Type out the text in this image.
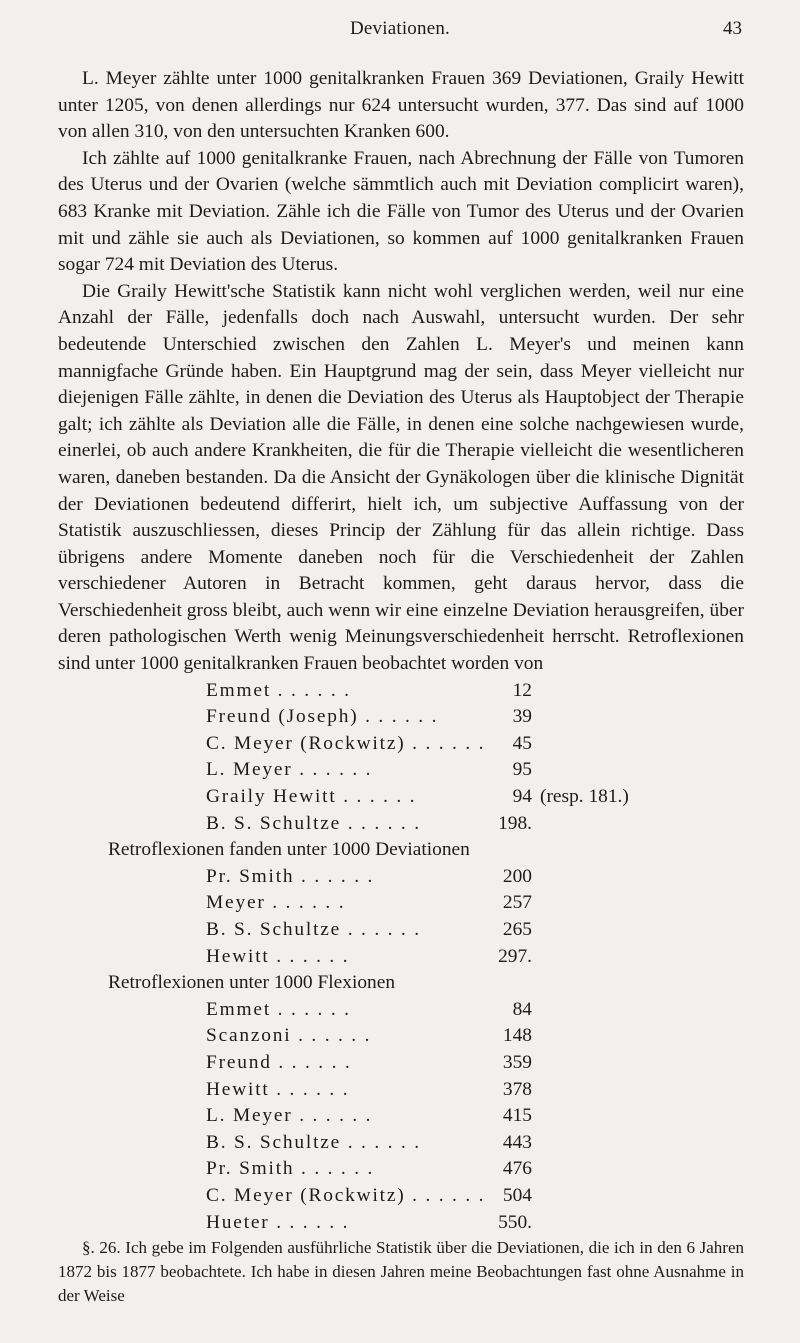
Deviationen.	43

L. Meyer zählte unter 1000 genitalkranken Frauen 369 Deviationen, Graily Hewitt unter 1205, von denen allerdings nur 624 untersucht wurden, 377. Das sind auf 1000 von allen 310, von den untersuchten Kranken 600.

Ich zählte auf 1000 genitalkranke Frauen, nach Abrechnung der Fälle von Tumoren des Uterus und der Ovarien (welche sämmtlich auch mit Deviation complicirt waren), 683 Kranke mit Deviation. Zähle ich die Fälle von Tumor des Uterus und der Ovarien mit und zähle sie auch als Deviationen, so kommen auf 1000 genitalkranken Frauen sogar 724 mit Deviation des Uterus.

Die Graily Hewitt'sche Statistik kann nicht wohl verglichen werden, weil nur eine Anzahl der Fälle, jedenfalls doch nach Auswahl, untersucht wurden. Der sehr bedeutende Unterschied zwischen den Zahlen L. Meyer's und meinen kann mannigfache Gründe haben. Ein Hauptgrund mag der sein, dass Meyer vielleicht nur diejenigen Fälle zählte, in denen die Deviation des Uterus als Hauptobject der Therapie galt; ich zählte als Deviation alle die Fälle, in denen eine solche nachgewiesen wurde, einerlei, ob auch andere Krankheiten, die für die Therapie vielleicht die wesentlicheren waren, daneben bestanden. Da die Ansicht der Gynäkologen über die klinische Dignität der Deviationen bedeutend differirt, hielt ich, um subjective Auffassung von der Statistik auszuschliessen, dieses Princip der Zählung für das allein richtige. Dass übrigens andere Momente daneben noch für die Verschiedenheit der Zahlen verschiedener Autoren in Betracht kommen, geht daraus hervor, dass die Verschiedenheit gross bleibt, auch wenn wir eine einzelne Deviation herausgreifen, über deren pathologischen Werth wenig Meinungsverschiedenheit herrscht. Retroflexionen sind unter 1000 genitalkranken Frauen beobachtet worden von

Emmet . . . . . .	12
Freund (Joseph) . . . . . .	39
C. Meyer (Rockwitz) . . . . . .	45
L. Meyer . . . . . .	95
Graily Hewitt . . . . . .	94 (resp. 181.)
B. S. Schultze . . . . . .	198.
Retroflexionen fanden unter 1000 Deviationen
Pr. Smith . . . . . .	200
Meyer . . . . . .	257
B. S. Schultze . . . . . .	265
Hewitt . . . . . .	297.
Retroflexionen unter 1000 Flexionen
Emmet . . . . . .	84
Scanzoni . . . . . .	148
Freund . . . . . .	359
Hewitt . . . . . .	378
L. Meyer . . . . . .	415
B. S. Schultze . . . . . .	443
Pr. Smith . . . . . .	476
C. Meyer (Rockwitz) . . . . . . 504
Hueter . . . . . .	550.

§. 26. Ich gebe im Folgenden ausführliche Statistik über die Deviationen, die ich in den 6 Jahren 1872 bis 1877 beobachtete. Ich habe in diesen Jahren meine Beobachtungen fast ohne Ausnahme in der Weise
